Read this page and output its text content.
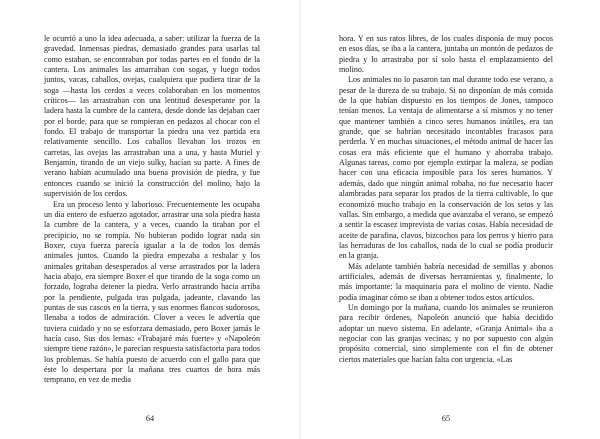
le ocurrió a uno la idea adecuada, a saber: utilizar la fuerza de la gravedad. Inmensas piedras, demasiado grandes para usarlas tal como estaban, se encontraban por todas partes en el fondo de la cantera. Los animales las amarraban con sogas, y luego todos juntos, vacas, caballos, ovejas, cualquiera que pudiera tirar de la soga —hasta los cerdos a veces colaboraban en los momentos críticos— las arrastraban con una lentitud desesperante por la ladera hasta la cumbre de la cantera, desde donde las dejaban caer por el borde, para que se rompieran en pedazos al chocar con el fondo. El trabajo de transportar la piedra una vez partida era relativamente sencillo. Los caballos llevaban los trozos en carretas, las ovejas las arrastraban una a una, y hasta Muriel y Benjamín, tirando de un viejo sulky, hacían su parte. A fines de verano habían acumulado una buena provisión de piedra, y fue entonces cuando se inició la construcción del molino, bajo la supervisión de los cerdos.

Era un proceso lento y laborioso. Frecuentemente les ocupaba un día entero de esfuerzo agotador, arrastrar una sola piedra hasta la cumbre de la cantera, y a veces, cuando la tiraban por el precipicio, no se rompía. No hubieran podido lograr nada sin Boxer, cuya fuerza parecía igualar a la de todos los demás animales juntos. Cuando la piedra empezaba a resbalar y los animales gritaban desesperados al verse arrastrados por la ladera hacia abajo, era siempre Boxer el que tirando de la soga como un forzado, lograba detener la piedra. Verlo arrastrando hacia arriba por la pendiente, pulgada tras pulgada, jadeante, clavando las puntas de sus cascos en la tierra, y sus enormes flancos sudorosos, llenaba a todos de admiración. Clover a veces le advertía que tuviera cuidado y no se esforzara demasiado, pero Boxer jamás le hacía caso. Sus dos lemas: «Trabajaré más fuerte» y «Napoleón siempre tiene razón», le parecían respuesta satisfactoria para todos los problemas. Se había puesto de acuerdo con el gallo para que éste lo despertara por la mañana tres cuartos de hora más temprano, en vez de media

64

hora. Y en sus ratos libres, de los cuales disponía de muy pocos en esos días, se iba a la cantera, juntaba un montón de pedazos de piedra y lo arrastraba por sí solo hasta el emplazamiento del molino.

Los animales no lo pasaron tan mal durante todo ese verano, a pesar de la dureza de su trabajo. Si no disponían de más comida de la que habían dispuesto en los tiempos de Jones, tampoco tenían menos. La ventaja de alimentarse a sí mismos y no tener que mantener también a cinco seres humanos inútiles, era tan grande, que se habrían necesitado incontables fracasos para perderla. Y en muchas situaciones, el método animal de hacer las cosas era más eficiente que el humano y ahorraba trabajo. Algunas tareas, como por ejemplo extirpar la maleza, se podían hacer con una eficacia imposible para los seres humanos. Y además, dado que ningún animal robaba, no fue necesario hacer alambradas para separar los prados de la tierra cultivable, lo que economizó mucho trabajo en la conservación de los setos y las vallas. Sin embargo, a medida que avanzaba el verano, se empezó a sentir la escasez imprevista de varias cosas. Había necesidad de aceite de parafina, clavos, bizcochos para los perros y hierro para las herraduras de los caballos, nada de lo cual se podía producir en la granja.

Más adelante también habría necesidad de semillas y abonos artificiales, además de diversas herramientas y, finalmente, lo más importante: la maquinaria para el molino de viento. Nadie podía imaginar cómo se iban a obtener todos estos artículos.

Un domingo por la mañana, cuando los animales se reunieron para recibir órdenes, Napoleón anunció que había decidido adoptar un nuevo sistema. En adelante, «Granja Animal» iba a negociar con las granjas vecinas; y no por supuesto con algún propósito comercial, sino simplemente con el fin de obtener ciertos materiales que hacían falta con urgencia. «Las

65
